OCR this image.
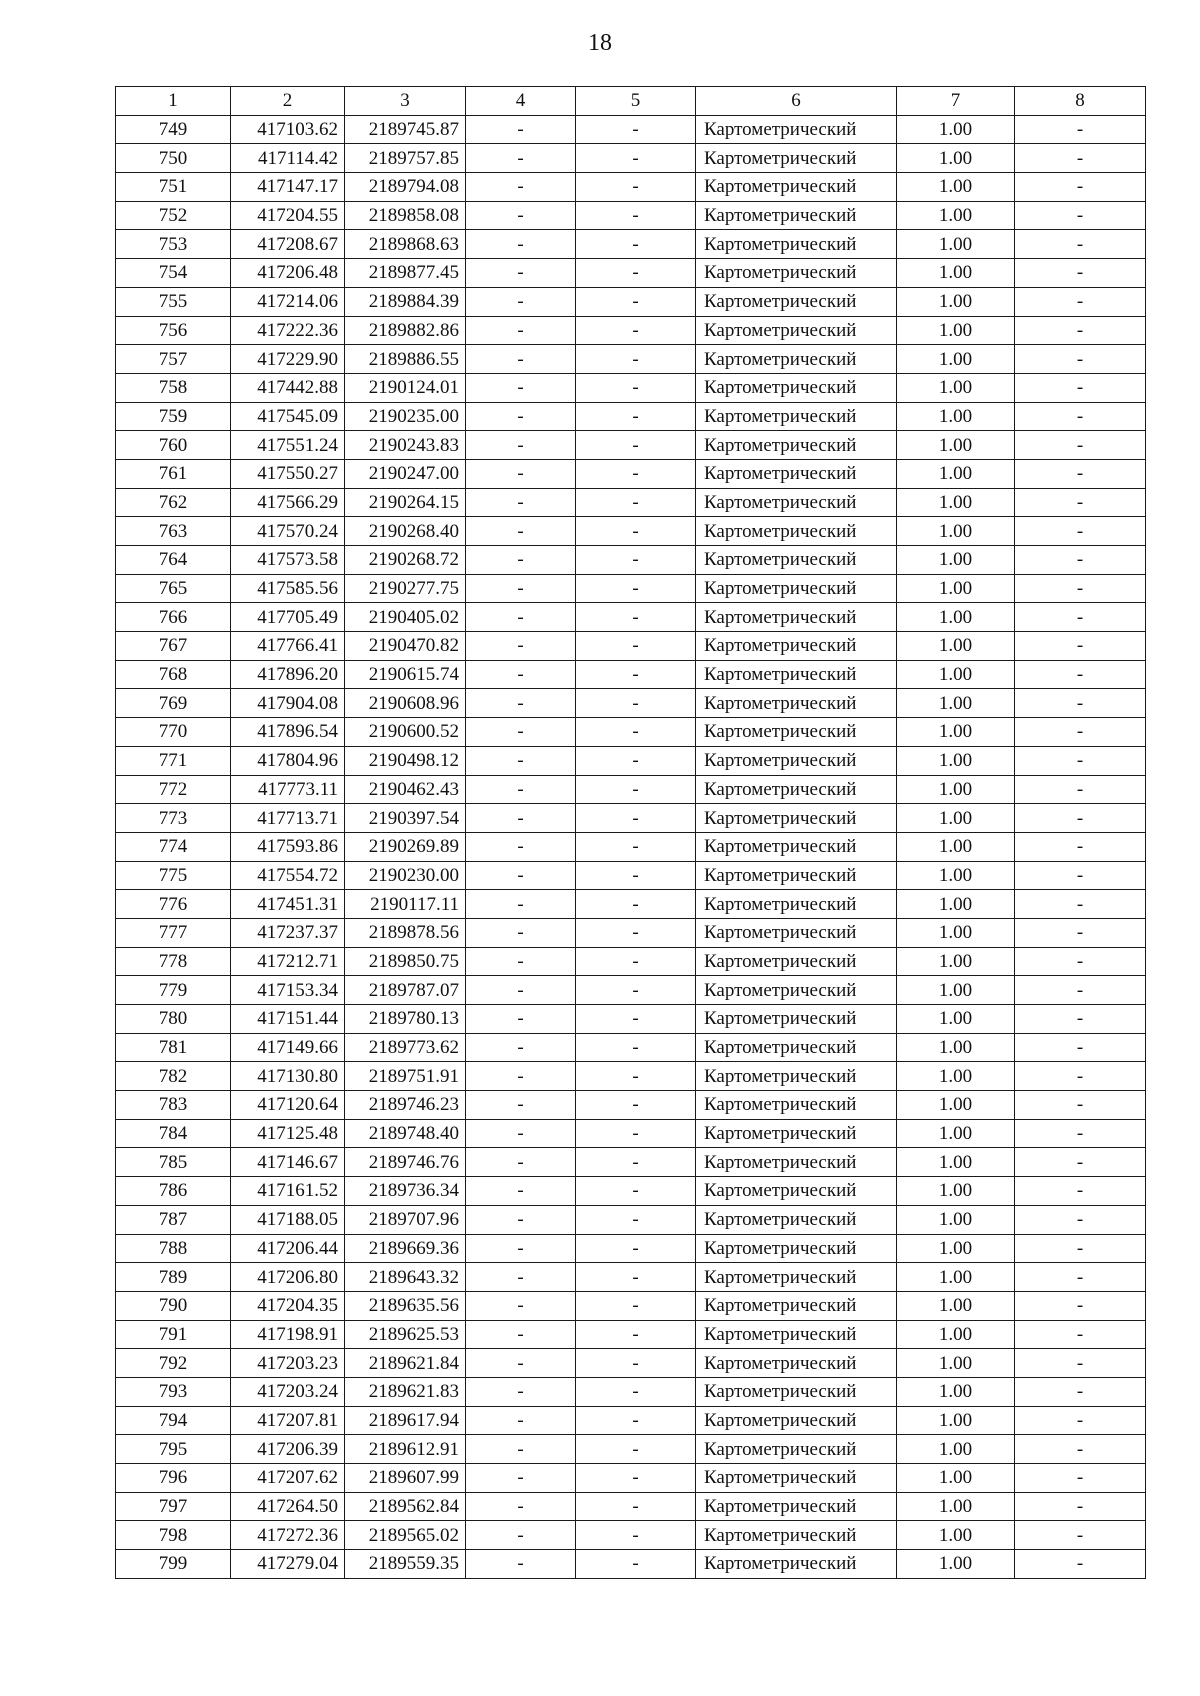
18
1	2	3	4	5	6	7	8
749	417103.62	2189745.87	-	-	Картометрический	1.00	-
750	417114.42	2189757.85	-	-	Картометрический	1.00	-
751	417147.17	2189794.08	-	-	Картометрический	1.00	-
752	417204.55	2189858.08	-	-	Картометрический	1.00	-
753	417208.67	2189868.63	-	-	Картометрический	1.00	-
754	417206.48	2189877.45	-	-	Картометрический	1.00	-
755	417214.06	2189884.39	-	-	Картометрический	1.00	-
756	417222.36	2189882.86	-	-	Картометрический	1.00	-
757	417229.90	2189886.55	-	-	Картометрический	1.00	-
758	417442.88	2190124.01	-	-	Картометрический	1.00	-
759	417545.09	2190235.00	-	-	Картометрический	1.00	-
760	417551.24	2190243.83	-	-	Картометрический	1.00	-
761	417550.27	2190247.00	-	-	Картометрический	1.00	-
762	417566.29	2190264.15	-	-	Картометрический	1.00	-
763	417570.24	2190268.40	-	-	Картометрический	1.00	-
764	417573.58	2190268.72	-	-	Картометрический	1.00	-
765	417585.56	2190277.75	-	-	Картометрический	1.00	-
766	417705.49	2190405.02	-	-	Картометрический	1.00	-
767	417766.41	2190470.82	-	-	Картометрический	1.00	-
768	417896.20	2190615.74	-	-	Картометрический	1.00	-
769	417904.08	2190608.96	-	-	Картометрический	1.00	-
770	417896.54	2190600.52	-	-	Картометрический	1.00	-
771	417804.96	2190498.12	-	-	Картометрический	1.00	-
772	417773.11	2190462.43	-	-	Картометрический	1.00	-
773	417713.71	2190397.54	-	-	Картометрический	1.00	-
774	417593.86	2190269.89	-	-	Картометрический	1.00	-
775	417554.72	2190230.00	-	-	Картометрический	1.00	-
776	417451.31	2190117.11	-	-	Картометрический	1.00	-
777	417237.37	2189878.56	-	-	Картометрический	1.00	-
778	417212.71	2189850.75	-	-	Картометрический	1.00	-
779	417153.34	2189787.07	-	-	Картометрический	1.00	-
780	417151.44	2189780.13	-	-	Картометрический	1.00	-
781	417149.66	2189773.62	-	-	Картометрический	1.00	-
782	417130.80	2189751.91	-	-	Картометрический	1.00	-
783	417120.64	2189746.23	-	-	Картометрический	1.00	-
784	417125.48	2189748.40	-	-	Картометрический	1.00	-
785	417146.67	2189746.76	-	-	Картометрический	1.00	-
786	417161.52	2189736.34	-	-	Картометрический	1.00	-
787	417188.05	2189707.96	-	-	Картометрический	1.00	-
788	417206.44	2189669.36	-	-	Картометрический	1.00	-
789	417206.80	2189643.32	-	-	Картометрический	1.00	-
790	417204.35	2189635.56	-	-	Картометрический	1.00	-
791	417198.91	2189625.53	-	-	Картометрический	1.00	-
792	417203.23	2189621.84	-	-	Картометрический	1.00	-
793	417203.24	2189621.83	-	-	Картометрический	1.00	-
794	417207.81	2189617.94	-	-	Картометрический	1.00	-
795	417206.39	2189612.91	-	-	Картометрический	1.00	-
796	417207.62	2189607.99	-	-	Картометрический	1.00	-
797	417264.50	2189562.84	-	-	Картометрический	1.00	-
798	417272.36	2189565.02	-	-	Картометрический	1.00	-
799	417279.04	2189559.35	-	-	Картометрический	1.00	-
